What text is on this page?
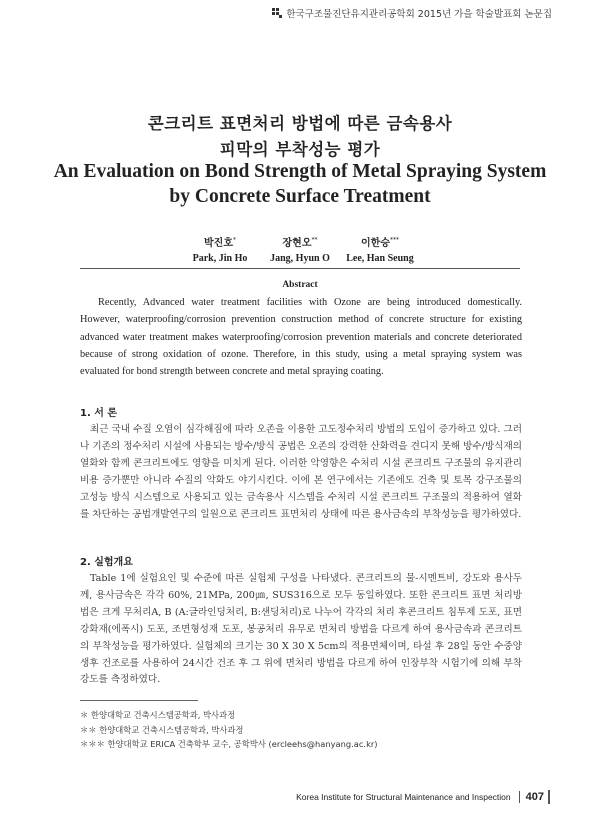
한국구조물진단유지관리공학회 2015년 가을 학술발표회 논문집
콘크리트 표면처리 방법에 따른 금속용사
피막의 부착성능 평가
An Evaluation on Bond Strength of Metal Spraying System
by Concrete Surface Treatment
박진호*
Park, Jin Ho
장현오**
Jang, Hyun O
이한승***
Lee, Han Seung
Abstract
Recently, Advanced water treatment facilities with Ozone are being introduced domestically. However, waterproofing/corrosion prevention construction method of concrete structure for existing advanced water treatment makes waterproofing/corrosion prevention materials and concrete deteriorated because of strong oxidation of ozone. Therefore, in this study, using a metal spraying system was evaluated for bond strength between concrete and metal spraying coating.
1. 서 론
최근 국내 수질 오염이 심각해짐에 따라 오존을 이용한 고도정수처리 방법의 도입이 증가하고 있다. 그러나 기존의 정수처리 시설에 사용되는 방수/방식 공법은 오존의 강력한 산화력을 견디지 못해 방수/방식재의 열화와 함께 콘크리트에도 영향을 미치게 된다. 이러한 악영향은 수처리 시설 콘크리트 구조물의 유지관리 비용 증가뿐만 아니라 수질의 악화도 야기시킨다. 이에 본 연구에서는 기존에도 건축 및 토목 강구조물의 고성능 방식 시스템으로 사용되고 있는 금속용사 시스템을 수처리 시설 콘크리트 구조물의 적용하여 열화를 차단하는 공법개발연구의 일원으로 콘크리트 표면처리 상태에 따른 용사금속의 부착성능을 평가하였다.
2. 실험개요
Table 1에 실험요인 및 수준에 따른 실험체 구성을 나타냈다. 콘크리트의 물-시멘트비, 강도와 용사두께, 용사금속은 각각 60%, 21MPa, 200㎛, SUS316으로 모두 동일하였다. 또한 콘크리트 표면 처리방법은 크게 무처리A, B (A:글라인딩처리, B:샌딩처리)로 나누어 각각의 처리 후콘크리트 침투제 도포, 표면강화재(에폭시) 도포, 조면형성재 도포, 봉공처리 유무로 면처리 방법을 다르게 하여 용사금속과 콘크리트의 부착성능을 평가하였다. 실험체의 크기는 30 X 30 X 5cm의 적용면체이며, 타설 후 28일 동안 수중양생후 건조로를 사용하여 24시간 건조 후 그 위에 면처리 방법을 다르게 하여 인장부착 시험기에 의해 부착강도를 측정하였다.
＊ 한양대학교 건축시스템공학과, 박사과정
＊＊ 한양대학교 건축시스템공학과, 박사과정
＊＊＊ 한양대학교 ERICA 건축학부 교수, 공학박사 (ercleehs@hanyang.ac.kr)
Korea Institute for Structural Maintenance and Inspection	407
